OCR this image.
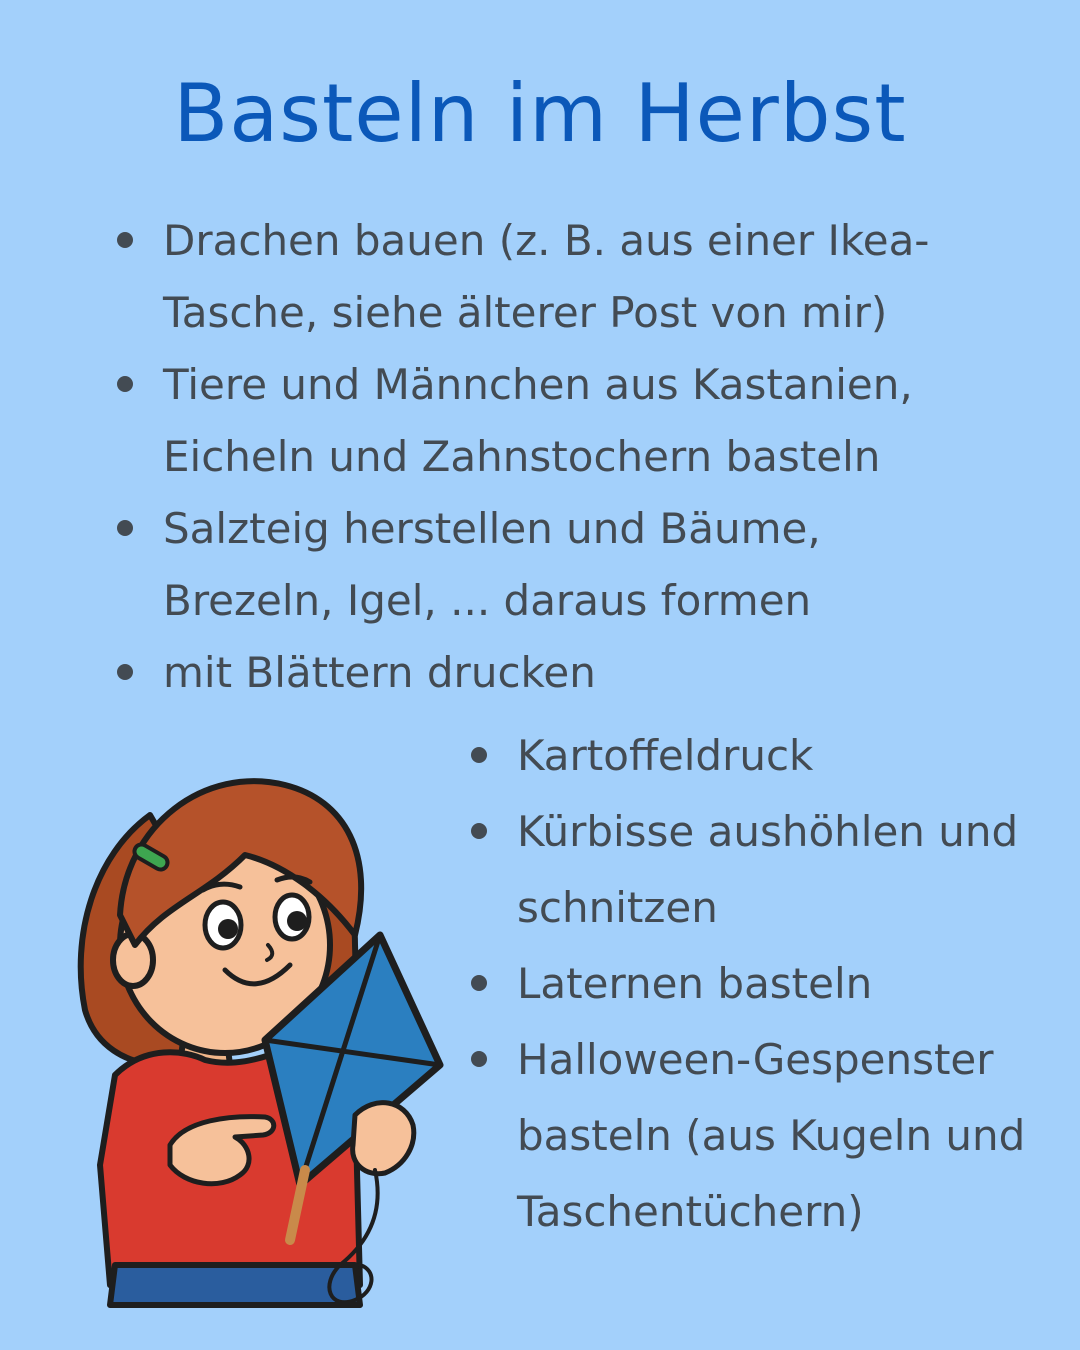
Basteln im Herbst
Drachen bauen (z. B. aus einer Ikea-Tasche, siehe älterer Post von mir)
Tiere und Männchen aus Kastanien, Eicheln und Zahnstochern basteln
Salzteig herstellen und Bäume, Brezeln, Igel, ... daraus formen
mit Blättern drucken
Kartoffeldruck
Kürbisse aushöhlen und schnitzen
Laternen basteln
Halloween-Gespenster basteln (aus Kugeln und Taschentüchern)
